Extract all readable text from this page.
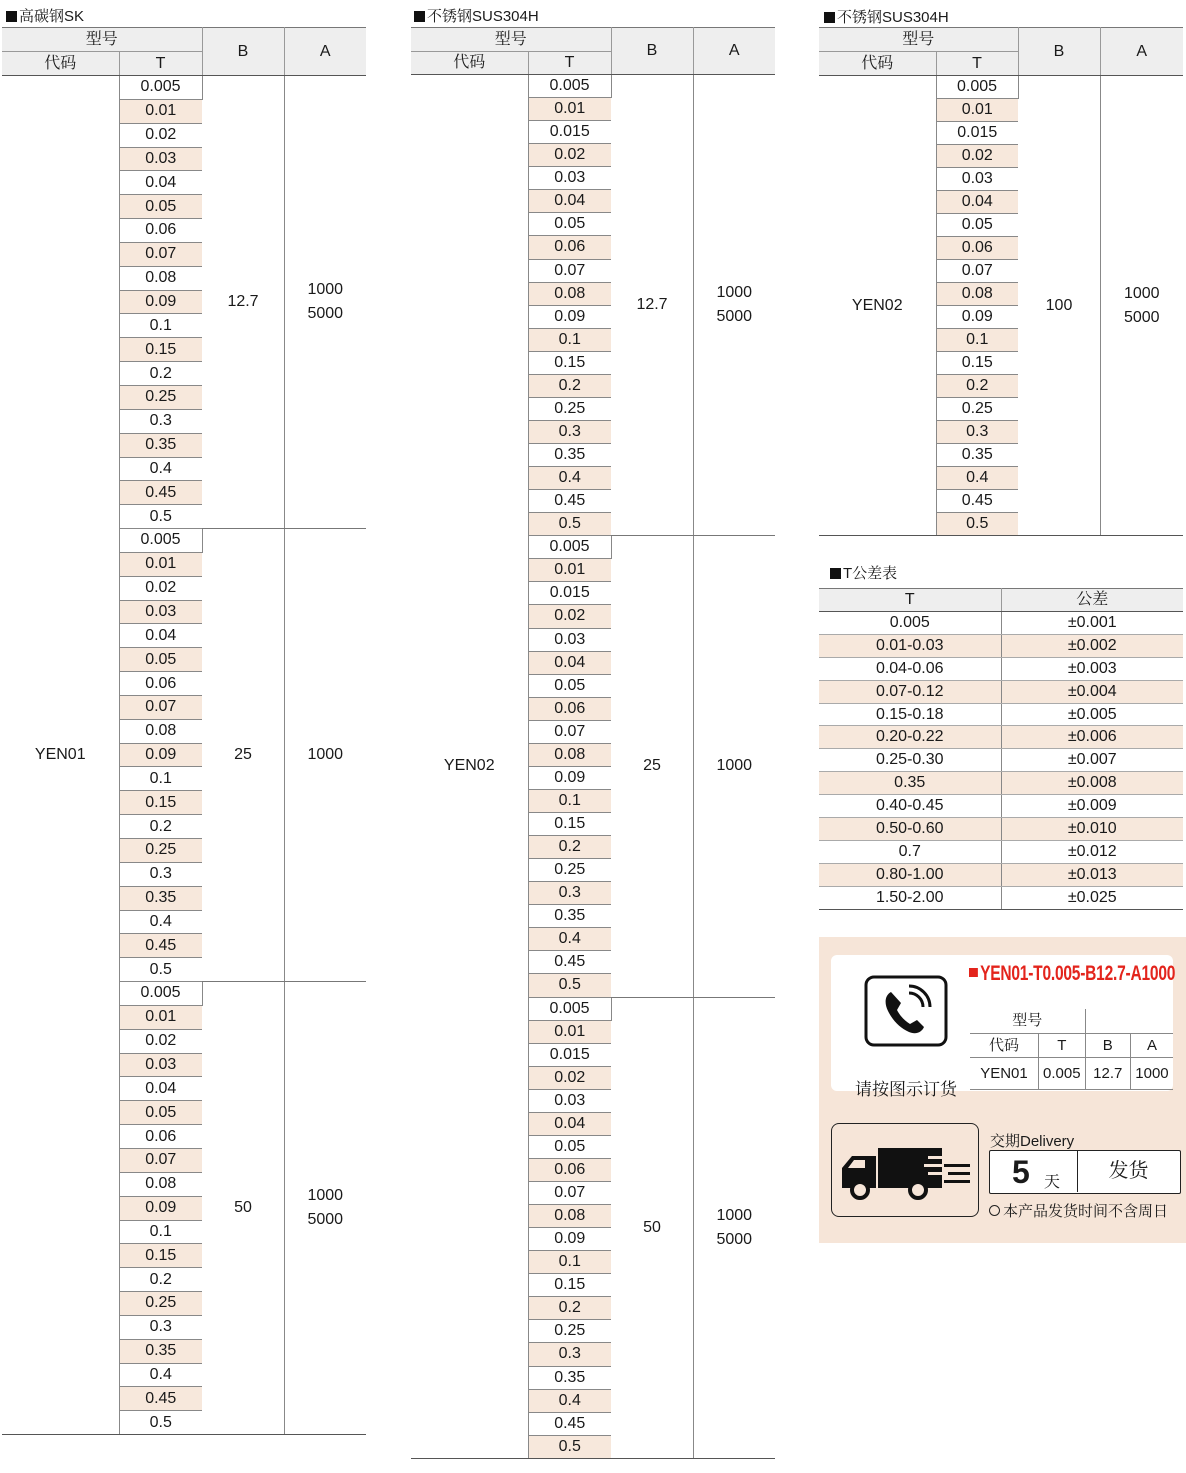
高碳钢SK
型号		B	A
代码	T		
YEN01	0.005	12.7	1000
5000

	0.01		
	0.02		
	0.03		
	0.04		
	0.05		
	0.06		
	0.07		
	0.08		
	0.09		
	0.1		
	0.15		
	0.2		
	0.25		
	0.3		
	0.35		
	0.4		
	0.45		
	0.5		
	0.005	25	1000

	0.01		
	0.02		
	0.03		
	0.04		
	0.05		
	0.06		
	0.07		
	0.08		
	0.09		
	0.1		
	0.15		
	0.2		
	0.25		
	0.3		
	0.35		
	0.4		
	0.45		
	0.5		
	0.005	50	1000
5000

	0.01		
	0.02		
	0.03		
	0.04		
	0.05		
	0.06		
	0.07		
	0.08		
	0.09		
	0.1		
	0.15		
	0.2		
	0.25		
	0.3		
	0.35		
	0.4		
	0.45		
	0.5		
不锈钢SUS304H
型号		B	A
代码	T		
YEN02	0.005	12.7	1000
5000

	0.01		
	0.015		
	0.02		
	0.03		
	0.04		
	0.05		
	0.06		
	0.07		
	0.08		
	0.09		
	0.1		
	0.15		
	0.2		
	0.25		
	0.3		
	0.35		
	0.4		
	0.45		
	0.5		
	0.005	25	1000

	0.01		
	0.015		
	0.02		
	0.03		
	0.04		
	0.05		
	0.06		
	0.07		
	0.08		
	0.09		
	0.1		
	0.15		
	0.2		
	0.25		
	0.3		
	0.35		
	0.4		
	0.45		
	0.5		
	0.005	50	1000
5000

	0.01		
	0.015		
	0.02		
	0.03		
	0.04		
	0.05		
	0.06		
	0.07		
	0.08		
	0.09		
	0.1		
	0.15		
	0.2		
	0.25		
	0.3		
	0.35		
	0.4		
	0.45		
	0.5		
不锈钢SUS304H
型号		B	A
代码	T		
YEN02	0.005	100	1000
5000

	0.01		
	0.015		
	0.02		
	0.03		
	0.04		
	0.05		
	0.06		
	0.07		
	0.08		
	0.09		
	0.1		
	0.15		
	0.2		
	0.25		
	0.3		
	0.35		
	0.4		
	0.45		
	0.5		
T公差表
T	公差
0.005	±0.001
0.01-0.03	±0.002
0.04-0.06	±0.003
0.07-0.12	±0.004
0.15-0.18	±0.005
0.20-0.22	±0.006
0.25-0.30	±0.007
0.35	±0.008
0.40-0.45	±0.009
0.50-0.60	±0.010
0.7	±0.012
0.80-1.00	±0.013
1.50-2.00	±0.025
请按图示订货
YEN01-T0.005-B12.7-A1000
型号			
代码	T	B	A
YEN01	0.005	12.7	1000
交期Delivery
5 天
发货
本产品发货时间不含周日
